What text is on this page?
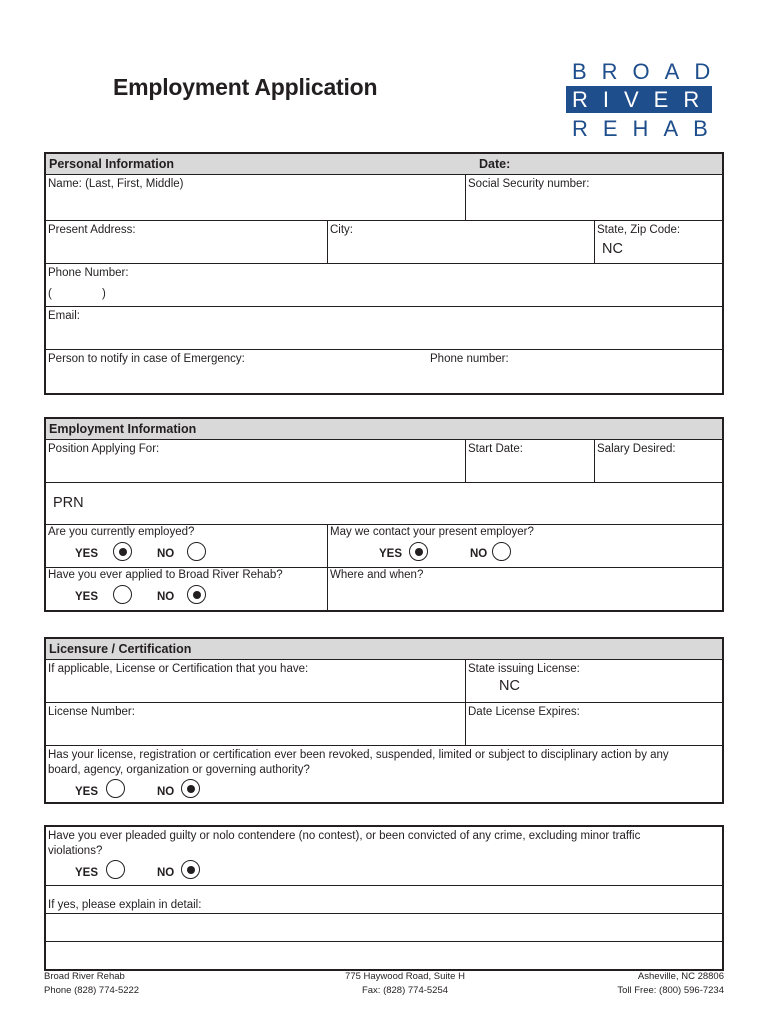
Employment Application
BROAD
RIVER
REHAB
Personal Information	Date:
Name: (Last, First, Middle)	Social Security number:
Present Address:	City:	State, Zip Code:
NC
Phone Number:
(	)
Email:
Person to notify in case of Emergency:	Phone number:
Employment Information
Position Applying For:	Start Date:	Salary Desired:
PRN
Are you currently employed?
YES	NO
May we contact your present employer?
YES	NO
Have you ever applied to Broad River Rehab?
YES	NO
Where and when?
Licensure / Certification
If applicable, License or Certification that you have:	State issuing License:
NC
License Number:	Date License Expires:
Has your license, registration or certification ever been revoked, suspended, limited or subject to disciplinary action by any
board, agency, organization or governing authority?
YES	NO
Have you ever pleaded guilty or nolo contendere (no contest), or been convicted of any crime, excluding minor traffic
violations?
YES	NO
If yes, please explain in detail:
Broad River Rehab
Phone (828) 774-5222
775 Haywood Road, Suite H
Fax: (828) 774-5254
Asheville, NC 28806
Toll Free: (800) 596-7234
